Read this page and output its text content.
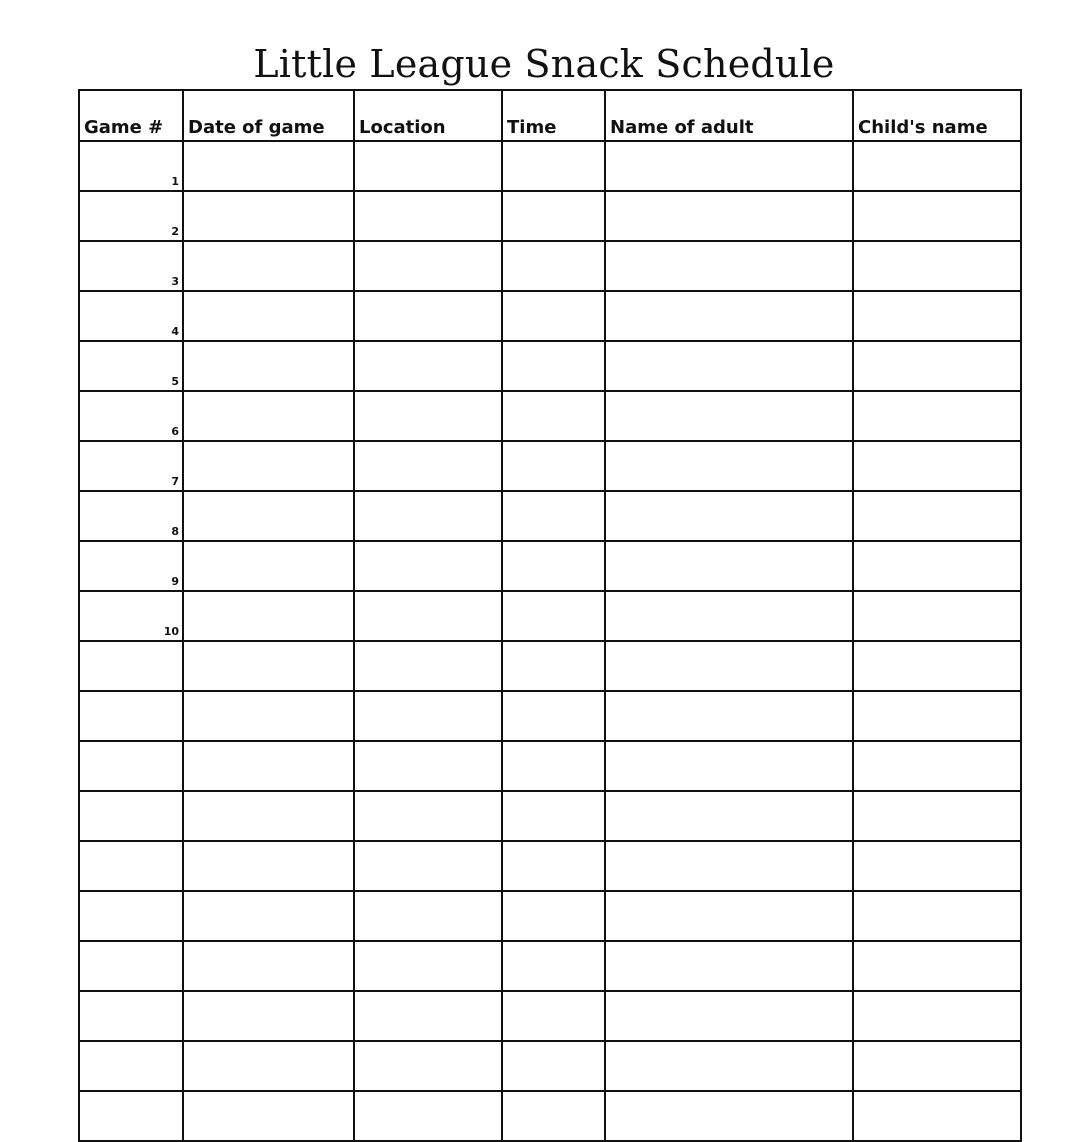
Little League Snack Schedule
Game #	Date of game	Location	Time	Name of adult	Child's name
1					
2					
3					
4					
5					
6					
7					
8					
9					
10					
